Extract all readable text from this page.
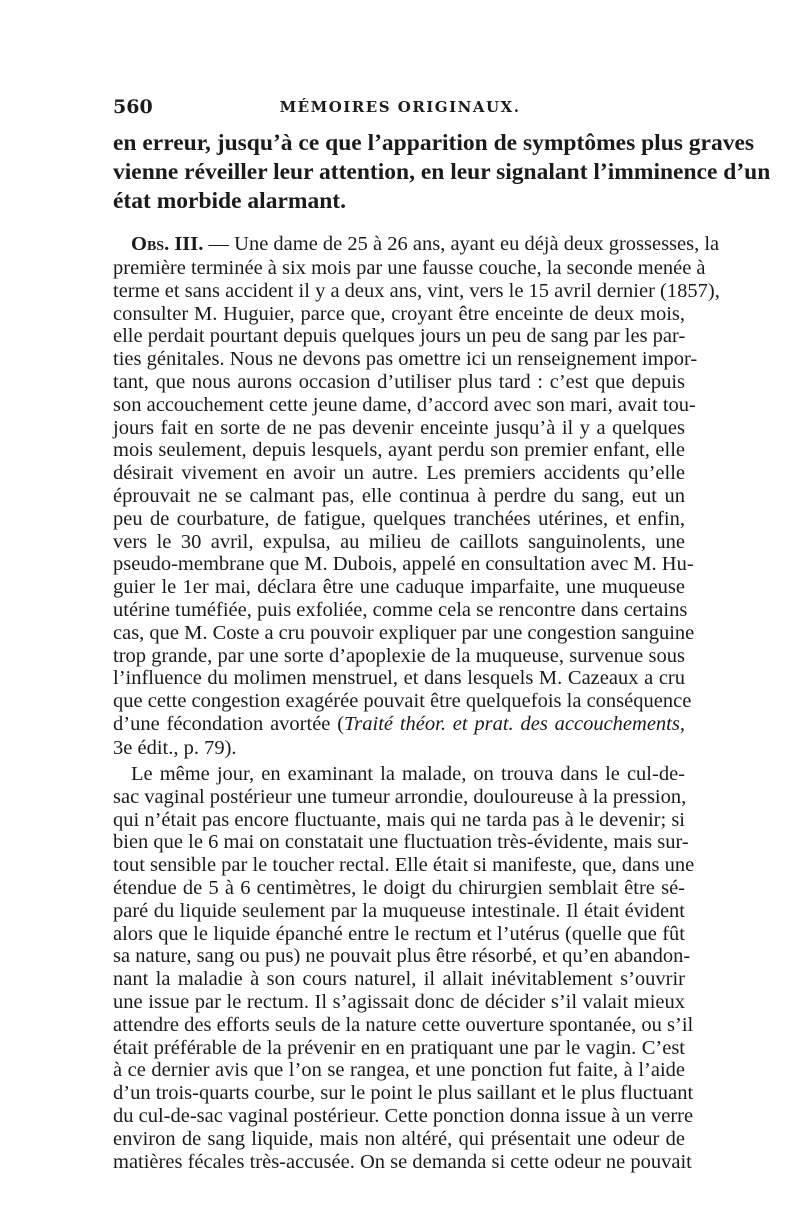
560	MÉMOIRES ORIGINAUX.

en erreur, jusqu’à ce que l’apparition de symptômes plus graves

vienne réveiller leur attention, en leur signalant l’imminence d’un

état morbide alarmant.

Obs. III. — Une dame de 25 à 26 ans, ayant eu déjà deux grossesses, la

première terminée à six mois par une fausse couche, la seconde menée à

terme et sans accident il y a deux ans, vint, vers le 15 avril dernier (1857),

consulter M. Huguier, parce que, croyant être enceinte de deux mois,

elle perdait pourtant depuis quelques jours un peu de sang par les par-

ties génitales. Nous ne devons pas omettre ici un renseignement impor-

tant, que nous aurons occasion d’utiliser plus tard : c’est que depuis

son accouchement cette jeune dame, d’accord avec son mari, avait tou-

jours fait en sorte de ne pas devenir enceinte jusqu’à il y a quelques

mois seulement, depuis lesquels, ayant perdu son premier enfant, elle

désirait vivement en avoir un autre. Les premiers accidents qu’elle

éprouvait ne se calmant pas, elle continua à perdre du sang, eut un

peu de courbature, de fatigue, quelques tranchées utérines, et enfin,

vers le 30 avril, expulsa, au milieu de caillots sanguinolents, une

pseudo-membrane que M. Dubois, appelé en consultation avec M. Hu-

guier le 1er mai, déclara être une caduque imparfaite, une muqueuse

utérine tuméfiée, puis exfoliée, comme cela se rencontre dans certains

cas, que M. Coste a cru pouvoir expliquer par une congestion sanguine

trop grande, par une sorte d’apoplexie de la muqueuse, survenue sous

l’influence du molimen menstruel, et dans lesquels M. Cazeaux a cru

que cette congestion exagérée pouvait être quelquefois la conséquence

d’une fécondation avortée (Traité théor. et prat. des accouchements,

3e édit., p. 79).

Le même jour, en examinant la malade, on trouva dans le cul-de-

sac vaginal postérieur une tumeur arrondie, douloureuse à la pression,

qui n’était pas encore fluctuante, mais qui ne tarda pas à le devenir; si

bien que le 6 mai on constatait une fluctuation très-évidente, mais sur-

tout sensible par le toucher rectal. Elle était si manifeste, que, dans une

étendue de 5 à 6 centimètres, le doigt du chirurgien semblait être sé-

paré du liquide seulement par la muqueuse intestinale. Il était évident

alors que le liquide épanché entre le rectum et l’utérus (quelle que fût

sa nature, sang ou pus) ne pouvait plus être résorbé, et qu’en abandon-

nant la maladie à son cours naturel, il allait inévitablement s’ouvrir

une issue par le rectum. Il s’agissait donc de décider s’il valait mieux

attendre des efforts seuls de la nature cette ouverture spontanée, ou s’il

était préférable de la prévenir en en pratiquant une par le vagin. C’est

à ce dernier avis que l’on se rangea, et une ponction fut faite, à l’aide

d’un trois-quarts courbe, sur le point le plus saillant et le plus fluctuant

du cul-de-sac vaginal postérieur. Cette ponction donna issue à un verre

environ de sang liquide, mais non altéré, qui présentait une odeur de

matières fécales très-accusée. On se demanda si cette odeur ne pouvait
